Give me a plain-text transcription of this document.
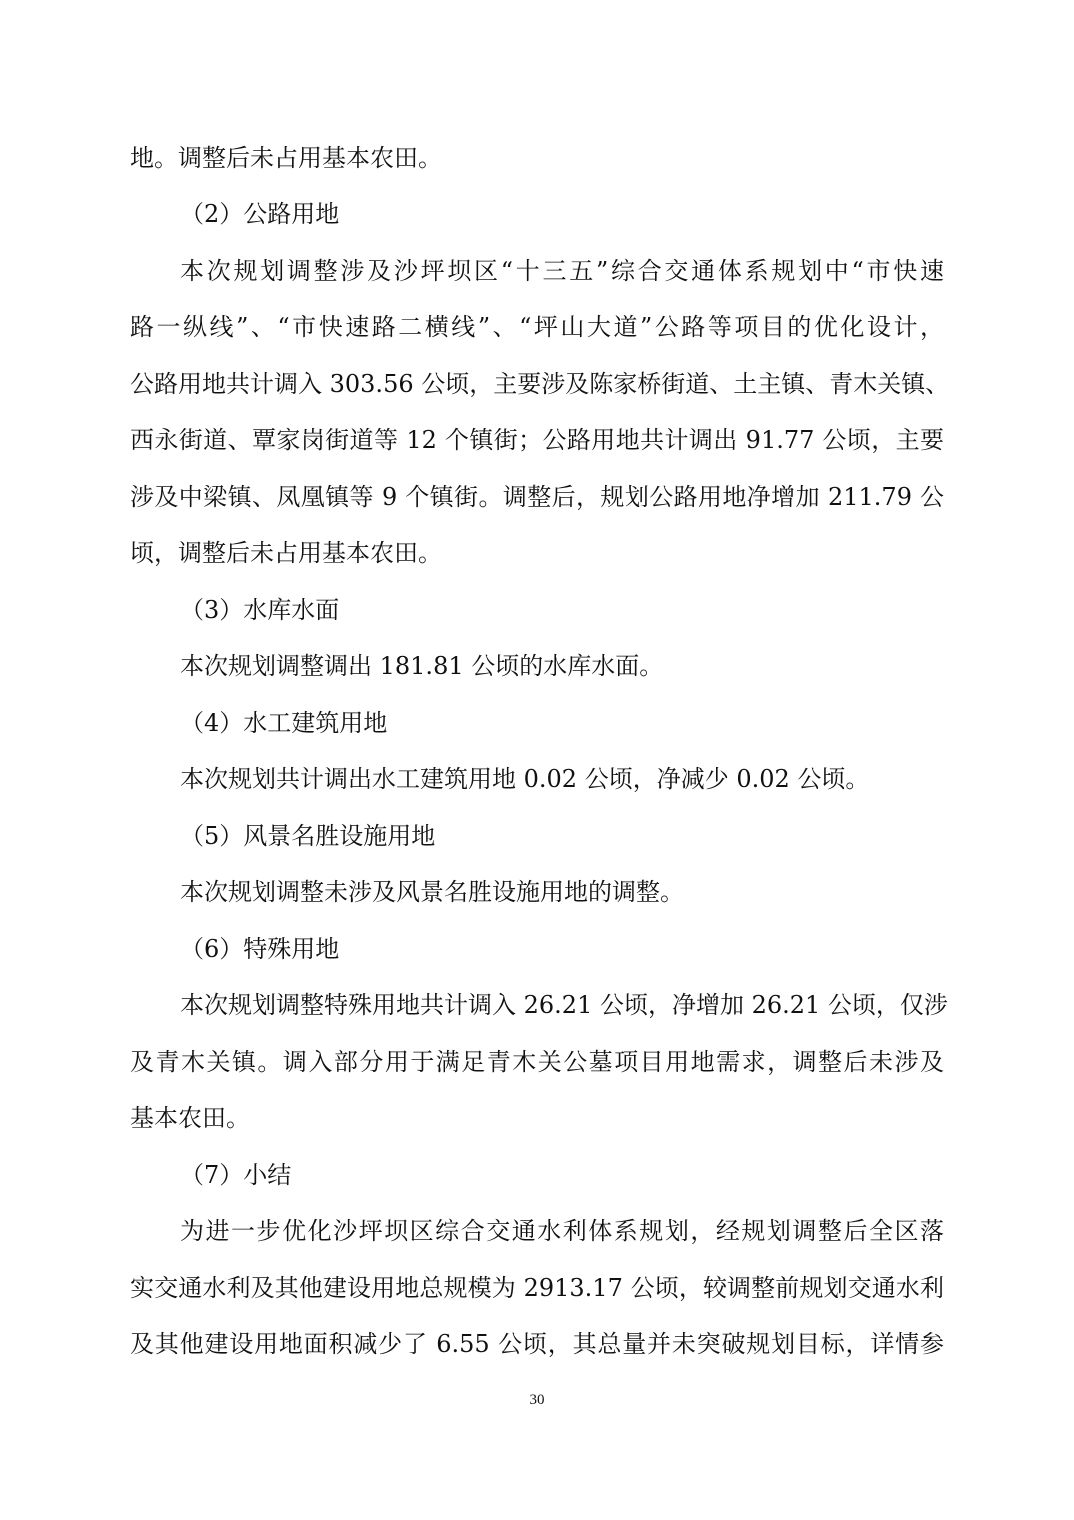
地。调整后未占用基本农田。
（2）公路用地
本次规划调整涉及沙坪坝区“十三五”综合交通体系规划中“市快速
路一纵线”、“市快速路二横线”、“坪山大道”公路等项目的优化设计，
公路用地共计调入 303.56 公顷，主要涉及陈家桥街道、土主镇、青木关镇、
西永街道、覃家岗街道等 12 个镇街；公路用地共计调出 91.77 公顷，主要
涉及中梁镇、凤凰镇等 9 个镇街。调整后，规划公路用地净增加 211.79 公
顷，调整后未占用基本农田。
（3）水库水面
本次规划调整调出 181.81 公顷的水库水面。
（4）水工建筑用地
本次规划共计调出水工建筑用地 0.02 公顷，净减少 0.02 公顷。
（5）风景名胜设施用地
本次规划调整未涉及风景名胜设施用地的调整。
（6）特殊用地
本次规划调整特殊用地共计调入 26.21 公顷，净增加 26.21 公顷，仅涉
及青木关镇。调入部分用于满足青木关公墓项目用地需求，调整后未涉及
基本农田。
（7）小结
为进一步优化沙坪坝区综合交通水利体系规划，经规划调整后全区落
实交通水利及其他建设用地总规模为 2913.17 公顷，较调整前规划交通水利
及其他建设用地面积减少了 6.55 公顷，其总量并未突破规划目标，详情参
30
